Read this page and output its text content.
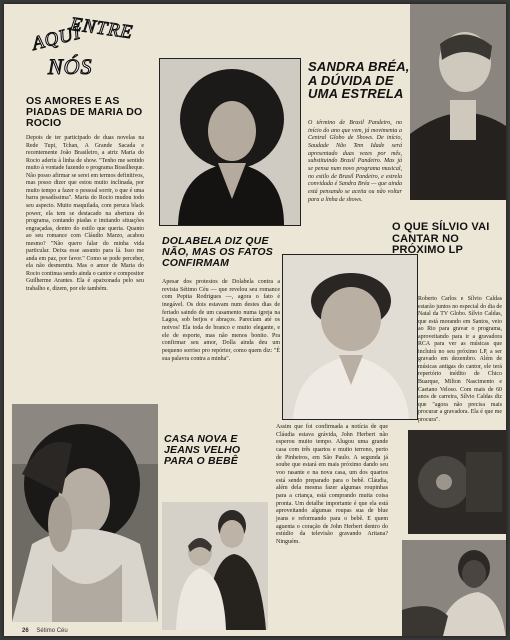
AQUI
ENTRE
NÓS
OS AMORES E AS PIADAS DE MARIA DO ROCIO

Depois de ter participado de duas novelas na Rede Tupi, Tchan, A Grande Sacada e recentemente João Brasileiro, a atriz Maria do Rocio aderiu à linha de show. "Tenho me sentido muito à vontade fazendo o programa Brasilheque. Não posso afirmar se serei em termos definitivos, mas posso dizer que estou muito inclinada, por muito tempo a fazer o pessoal sorrir, o que é uma barra pesadíssima". Maria do Rocio mudou todo seu aspecto. Muito maquilada, com peruca black power, ela tem se destacado na abertura do programa, contando piadas e imitando situações engraçadas, dentro do estilo que queria. Quanto ao seu romance com Cláudio Marzo, acabou mesmo? "Não quero falar do minha vida particular. Deixa esse assunto para lá. Isso me anda em paz, por favor." Como se pode perceber, ela não desmentiu. Mas o amor de Maria do Rocio continua sendo ainda o cantor e compositor Guilherme Arantes. Ela é apaixonada pelo seu trabalho e, dizem, por ele também.

SANDRA BRÉA, A DÚVIDA DE UMA ESTRELA

O término de Brasil Pandeiro, no início do ano que vem, já movimenta a Central Globo de Shows. De início, Saudade Não Tem Idade será apresentado duas vezes por mês, substituindo Brasil Pandeiro. Mas já se pensa num novo programa musical, no estilo de Brasil Pandeiro, e estrela convidada é Sandra Bréa — que ainda está pensando se aceita ou não voltar para a linha de shows.

DOLABELA DIZ QUE NÃO, MAS OS FATOS CONFIRMAM

Apesar dos protestos de Dolabela contra a revista Sétimo Céu — que revelou seu romance com Pepita Rodrigues —, agora o fato é inegável. Os dois estavam num destes dias de feriado saindo de um casamento numa igreja na Lagoa, sob beijos e abraços. Parecíam até os noivos! Ela toda de branco e muito elegante, e ele de esporte, mas não menos bonito. Pra confirmar seu amor, Dolla ainda deu um pequeno sorriso pro repórter, como quem diz: "É sua palavra contra a minha".

O QUE SÍLVIO VAI CANTAR NO PRÓXIMO LP

Roberto Carlos e Sílvio Caldas estarão juntos no especial do dia de Natal da TV Globo. Sílvio Caldas, que está morando em Santos, veio ao Rio para gravar o programa, aproveitando para ir a gravadora RCA para ver as músicas que incluirá no seu próximo LP, a ser gravado em dezembro. Além de músicas antigas do cantor, ele terá repertório inédito de Chico Buarque, Milton Nascimento e Caetano Veloso. Com mais de 60 anos de carreira, Sílvio Caldas diz que "agora não precisa mais procurar a gravadora. Ela é que me procura".

CASA NOVA E JEANS VELHO PARA O BEBÊ

Assim que foi confirmada a notícia de que Cláudia estava grávida, John Herbert não esperou muito tempo. Alugou uma grande casa com três quartos e muito terreno, perto de Pinheiros, em São Paulo. A segunda já soube que estará em mais próximo dando seu voo rasante e na nova casa, um dos quartos está sendo preparado para o bebê. Cláudia, além dela mesma fazer algumas roupinhas para a criança, está comprando muita coisa pronta. Um detalhe importante é que ela está aproveitando algumas roupas sua de blue jeans e reformando para o bebê. E quem aguenta o coração de John Herbert dentro do estúdio da televisão gravando Aritana? Ninguém.

26 Sétimo Céu
